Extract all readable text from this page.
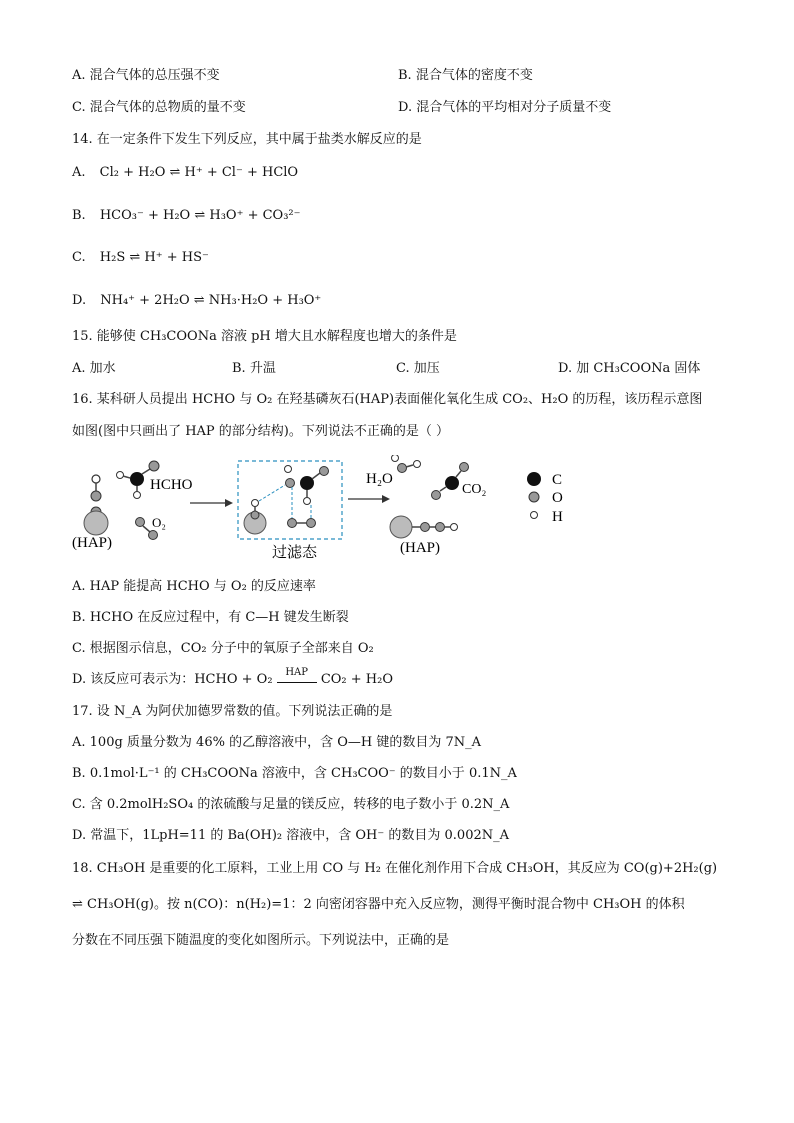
A. 混合气体的总压强不变	B. 混合气体的密度不变
C. 混合气体的总物质的量不变	D. 混合气体的平均相对分子质量不变
14. 在一定条件下发生下列反应，其中属于盐类水解反应的是
A. Cl₂ + H₂O ⇌ H⁺ + Cl⁻ + HClO
B. HCO₃⁻ + H₂O ⇌ H₃O⁺ + CO₃²⁻
C. H₂S ⇌ H⁺ + HS⁻
D. NH₄⁺ + 2H₂O ⇌ NH₃·H₂O + H₃O⁺
15. 能够使 CH₃COONa 溶液 pH 增大且水解程度也增大的条件是
A. 加水	B. 升温	C. 加压	D. 加 CH₃COONa 固体
16. 某科研人员提出 HCHO 与 O₂ 在羟基磷灰石(HAP)表面催化氧化生成 CO₂、H₂O 的历程，该历程示意图
如图(图中只画出了 HAP 的部分结构)。下列说法不正确的是（ ）
(HAP)
HCHO
O₂
过滤态
H₂O
CO₂
(HAP)
C
O
H
A. HAP 能提高 HCHO 与 O₂ 的反应速率
B. HCHO 在反应过程中，有 C—H 键发生断裂
C. 根据图示信息，CO₂ 分子中的氧原子全部来自 O₂
D. 该反应可表示为：HCHO + O₂	HAP CO₂ + H₂O
17. 设 N_A 为阿伏加德罗常数的值。下列说法正确的是
A. 100g 质量分数为 46% 的乙醇溶液中，含 O—H 键的数目为 7N_A
B. 0.1mol·L⁻¹ 的 CH₃COONa 溶液中，含 CH₃COO⁻ 的数目小于 0.1N_A
C. 含 0.2molH₂SO₄ 的浓硫酸与足量的镁反应，转移的电子数小于 0.2N_A
D. 常温下，1LpH=11 的 Ba(OH)₂ 溶液中，含 OH⁻ 的数目为 0.002N_A
18. CH₃OH 是重要的化工原料，工业上用 CO 与 H₂ 在催化剂作用下合成 CH₃OH，其反应为 CO(g)+2H₂(g)
⇌ CH₃OH(g)。按 n(CO)：n(H₂)=1：2 向密闭容器中充入反应物，测得平衡时混合物中 CH₃OH 的体积
分数在不同压强下随温度的变化如图所示。下列说法中，正确的是
